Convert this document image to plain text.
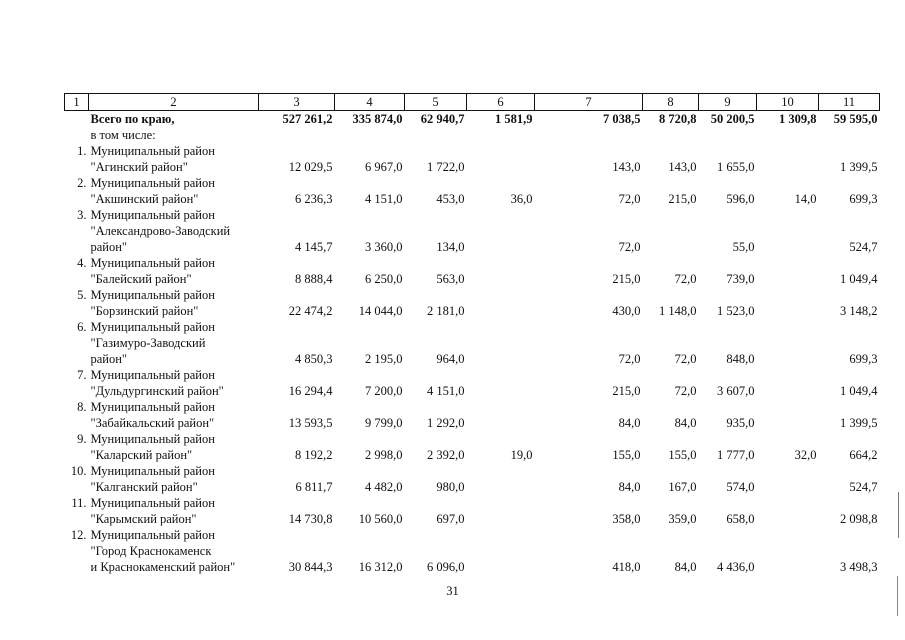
1	2	3	4	5	6	7	8	9	10	11
	Всего по краю,	527 261,2	335 874,0	62 940,7	1 581,9	7 038,5	8 720,8	50 200,5	1 309,8	59 595,0
	в том числе:									
1.	Муниципальный район									
	"Агинский район"	12 029,5	6 967,0	1 722,0		143,0	143,0	1 655,0		1 399,5
2.	Муниципальный район									
	"Акшинский район"	6 236,3	4 151,0	453,0	36,0	72,0	215,0	596,0	14,0	699,3
3.	Муниципальный район									
	"Александрово-Заводский									
	район"	4 145,7	3 360,0	134,0		72,0		55,0		524,7
4.	Муниципальный район									
	"Балейский район"	8 888,4	6 250,0	563,0		215,0	72,0	739,0		1 049,4
5.	Муниципальный район									
	"Борзинский район"	22 474,2	14 044,0	2 181,0		430,0	1 148,0	1 523,0		3 148,2
6.	Муниципальный район									
	"Газимуро-Заводский									
	район"	4 850,3	2 195,0	964,0		72,0	72,0	848,0		699,3
7.	Муниципальный район									
	"Дульдургинский район"	16 294,4	7 200,0	4 151,0		215,0	72,0	3 607,0		1 049,4
8.	Муниципальный район									
	"Забайкальский район"	13 593,5	9 799,0	1 292,0		84,0	84,0	935,0		1 399,5
9.	Муниципальный район									
	"Каларский район"	8 192,2	2 998,0	2 392,0	19,0	155,0	155,0	1 777,0	32,0	664,2
10.	Муниципальный район									
	"Калганский район"	6 811,7	4 482,0	980,0		84,0	167,0	574,0		524,7
11.	Муниципальный район									
	"Карымский район"	14 730,8	10 560,0	697,0		358,0	359,0	658,0		2 098,8
12.	Муниципальный район									
	"Город Краснокаменск									
	и Краснокаменский район"	30 844,3	16 312,0	6 096,0		418,0	84,0	4 436,0		3 498,3
31
